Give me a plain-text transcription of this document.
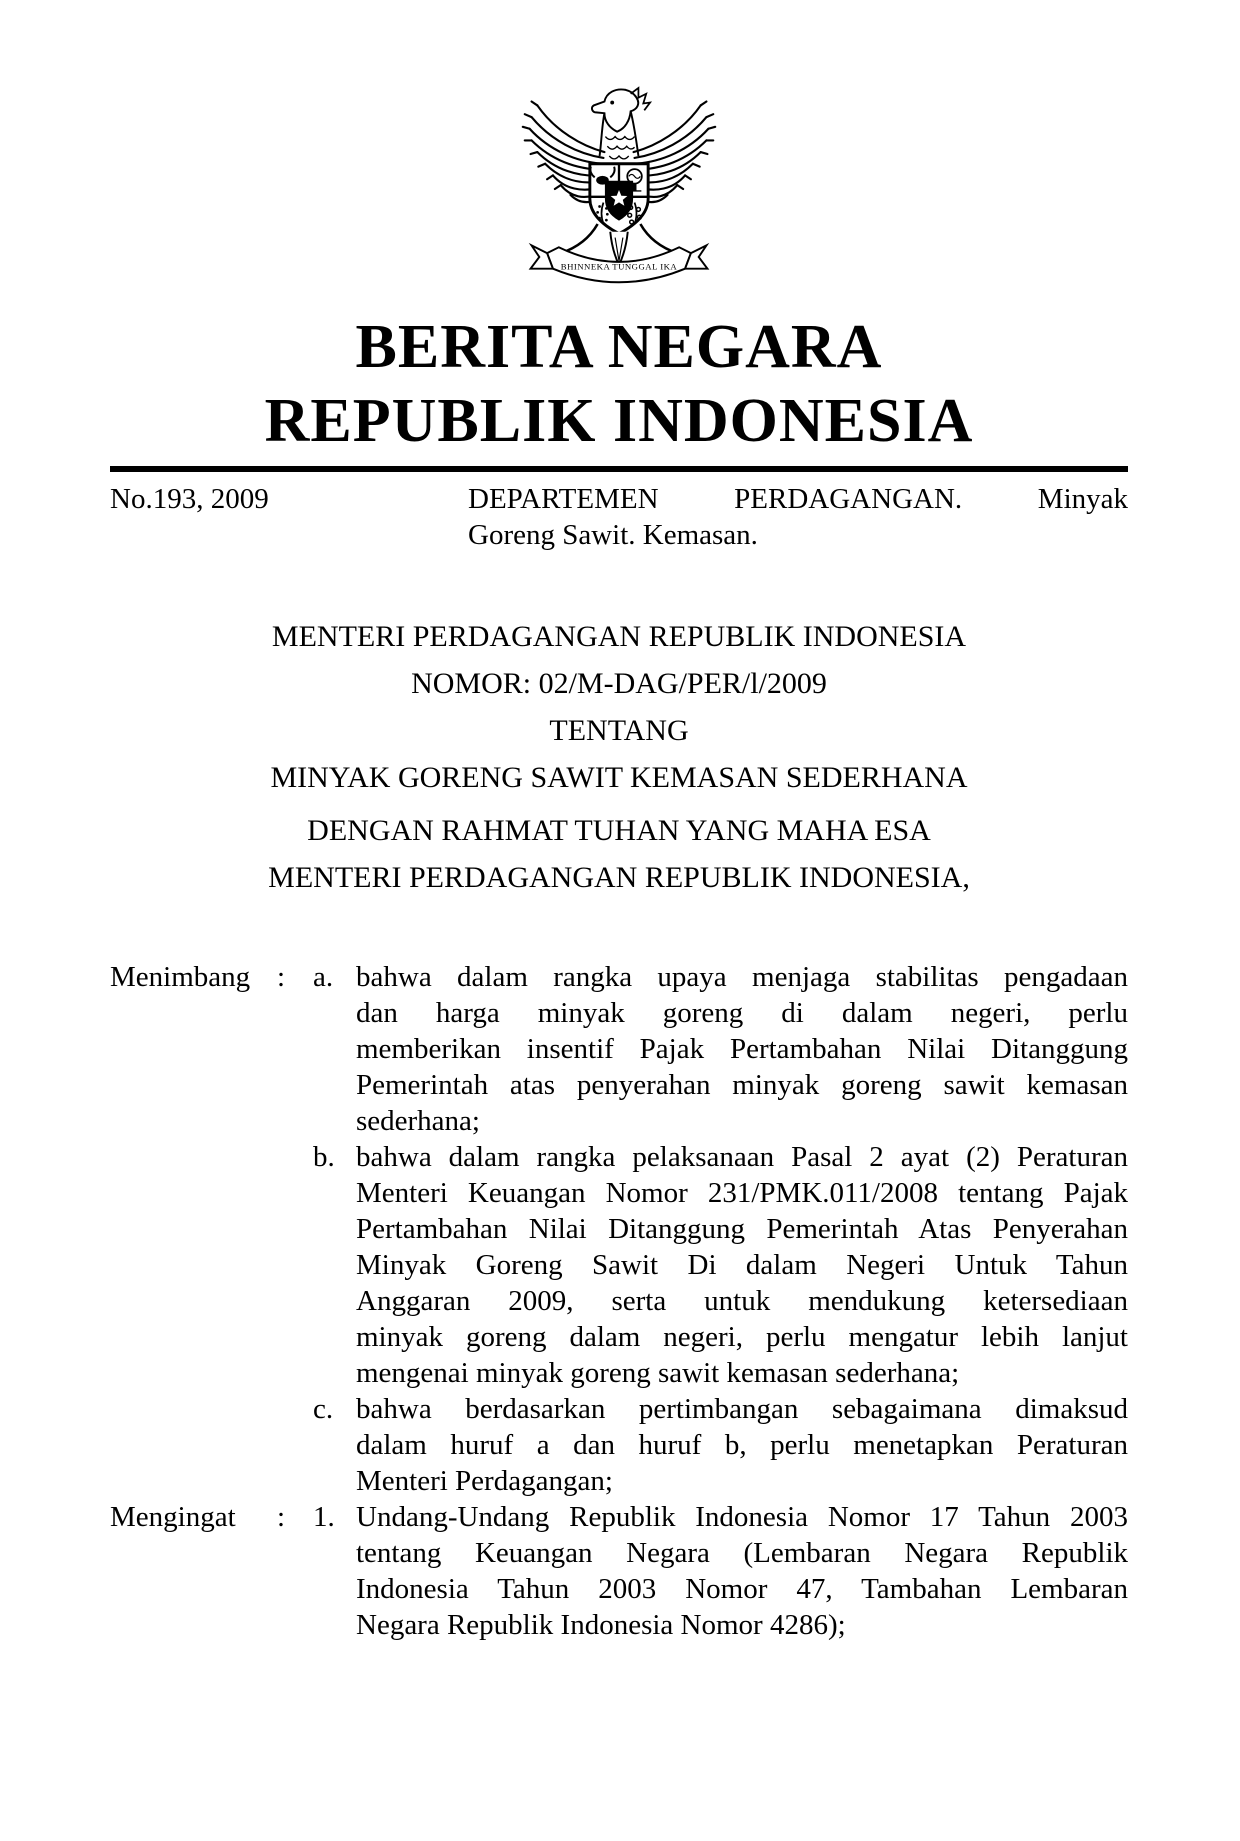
BHINNEKA TUNGGAL IKA
BERITA NEGARA
REPUBLIK INDONESIA
No.193, 2009	DEPARTEMEN PERDAGANGAN. Minyak
Goreng Sawit. Kemasan.
MENTERI PERDAGANGAN REPUBLIK INDONESIA
NOMOR: 02/M-DAG/PER/l/2009
TENTANG
MINYAK GORENG SAWIT KEMASAN SEDERHANA
DENGAN RAHMAT TUHAN YANG MAHA ESA
MENTERI PERDAGANGAN REPUBLIK INDONESIA,
Menimbang : a. bahwa dalam rangka upaya menjaga stabilitas pengadaan
dan harga minyak goreng di dalam negeri, perlu
memberikan insentif Pajak Pertambahan Nilai Ditanggung
Pemerintah atas penyerahan minyak goreng sawit kemasan
sederhana;
b. bahwa dalam rangka pelaksanaan Pasal 2 ayat (2) Peraturan
Menteri Keuangan Nomor 231/PMK.011/2008 tentang Pajak
Pertambahan Nilai Ditanggung Pemerintah Atas Penyerahan
Minyak Goreng Sawit Di dalam Negeri Untuk Tahun
Anggaran 2009, serta untuk mendukung ketersediaan
minyak goreng dalam negeri, perlu mengatur lebih lanjut
mengenai minyak goreng sawit kemasan sederhana;
c. bahwa berdasarkan pertimbangan sebagaimana dimaksud
dalam huruf a dan huruf b, perlu menetapkan Peraturan
Menteri Perdagangan;
Mengingat	: 1. Undang-Undang Republik Indonesia Nomor 17 Tahun 2003
tentang Keuangan Negara (Lembaran Negara Republik
Indonesia Tahun 2003 Nomor 47, Tambahan Lembaran
Negara Republik Indonesia Nomor 4286);
